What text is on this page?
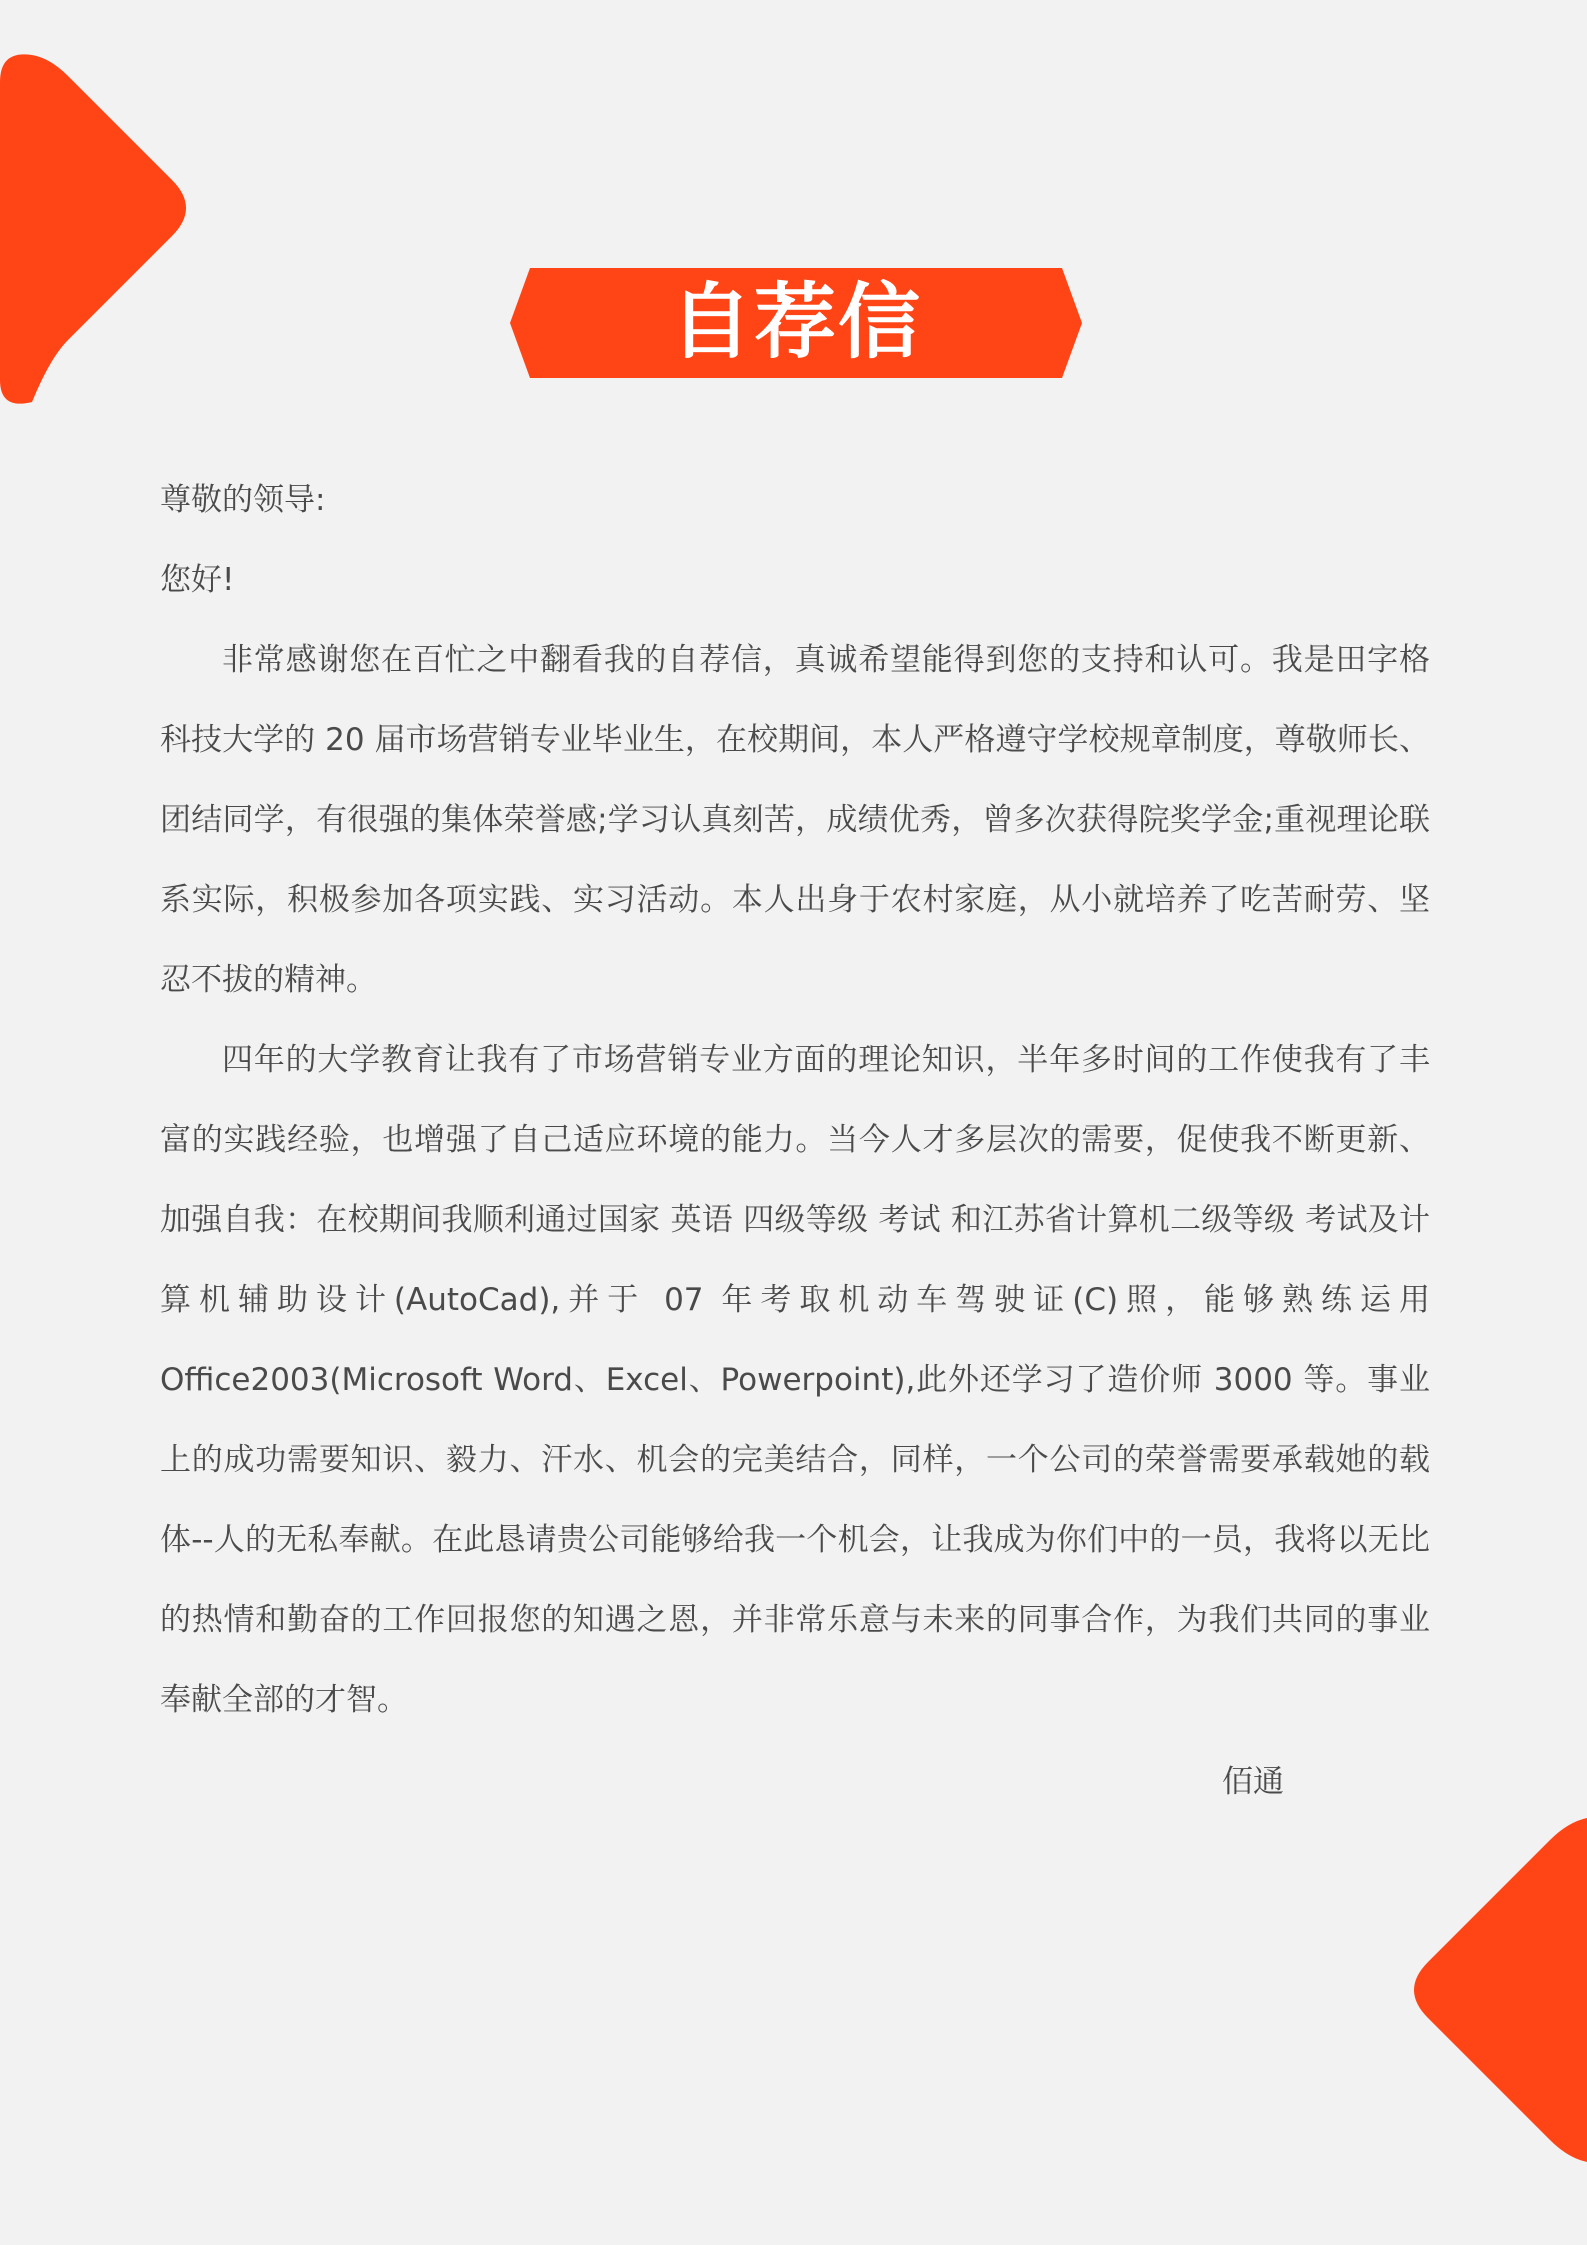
自荐信

尊敬的领导:

您好!

非常感谢您在百忙之中翻看我的自荐信，真诚希望能得到您的支持和认可。我是田字格科技大学的 20 届市场营销专业毕业生，在校期间，本人严格遵守学校规章制度，尊敬师长、团结同学，有很强的集体荣誉感;学习认真刻苦，成绩优秀，曾多次获得院奖学金;重视理论联系实际，积极参加各项实践、实习活动。本人出身于农村家庭，从小就培养了吃苦耐劳、坚忍不拔的精神。

四年的大学教育让我有了市场营销专业方面的理论知识，半年多时间的工作使我有了丰富的实践经验，也增强了自己适应环境的能力。当今人才多层次的需要，促使我不断更新、加强自我：在校期间我顺利通过国家 英语 四级等级 考试 和江苏省计算机二级等级 考试及计算机辅助设计(AutoCad),并于 07 年考取机动车驾驶证(C)照，能够熟练运用Office2003(Microsoft Word、Excel、Powerpoint),此外还学习了造价师 3000 等。事业上的成功需要知识、毅力、汗水、机会的完美结合，同样，一个公司的荣誉需要承载她的载体--人的无私奉献。在此恳请贵公司能够给我一个机会，让我成为你们中的一员，我将以无比的热情和勤奋的工作回报您的知遇之恩，并非常乐意与未来的同事合作，为我们共同的事业奉献全部的才智。

佰通
